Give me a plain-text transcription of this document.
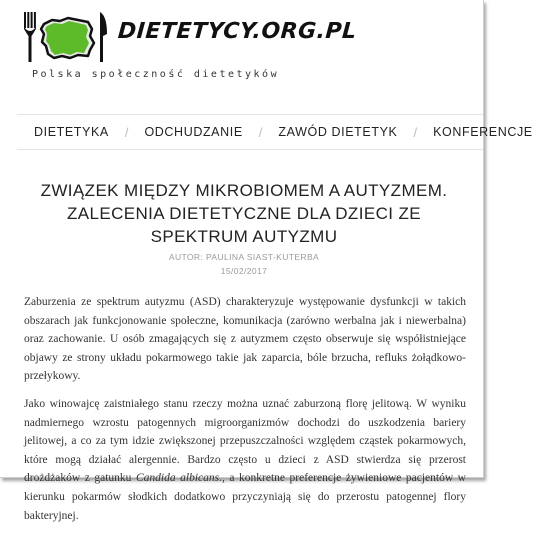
DIETETYCY.ORG.PL
Polska społeczność dietetyków
DIETETYKA	/	ODCHUDZANIE	/	ZAWÓD DIETETYK	/	KONFERENCJE
ZWIĄZEK MIĘDZY MIKROBIOMEM A AUTYZMEM. ZALECENIA DIETETYCZNE DLA DZIECI ZE SPEKTRUM AUTYZMU
AUTOR: PAULINA SIAST-KUTERBA
15/02/2017

Zaburzenia ze spektrum autyzmu (ASD) charakteryzuje występowanie dysfunkcji w takich obszarach jak funkcjonowanie społeczne, komunikacja (zarówno werbalna jak i niewerbalna) oraz zachowanie. U osób zmagających się z autyzmem często obserwuje się współistniejące objawy ze strony układu pokarmowego takie jak zaparcia, bóle brzucha, refluks żołądkowo-przełykowy.

Jako winowajcę zaistniałego stanu rzeczy można uznać zaburzoną florę jelitową. W wyniku nadmiernego wzrostu patogennych migroorganizmów dochodzi do uszkodzenia bariery jelitowej, a co za tym idzie zwiększonej przepuszczalności względem cząstek pokarmowych, które mogą działać alergennie. Bardzo często u dzieci z ASD stwierdza się przerost drożdżaków z gatunku Candida albicans., a konkretne preferencje żywieniowe pacjentów w kierunku pokarmów słodkich dodatkowo przyczyniają się do przerostu patogennej flory bakteryjnej.
